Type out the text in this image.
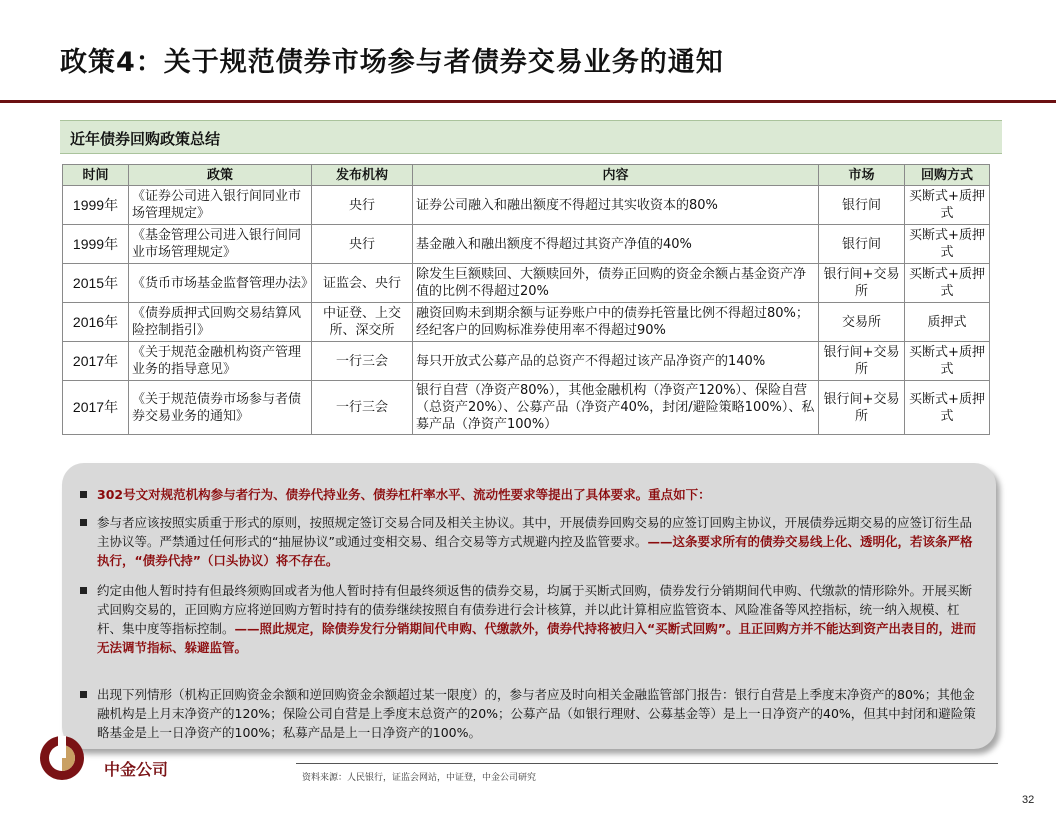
政策4：关于规范债券市场参与者债券交易业务的通知
近年债券回购政策总结
时间	政策	发布机构	内容	市场	回购方式
1999年	《证券公司进入银行间同业市场管理规定》	央行	证券公司融入和融出额度不得超过其实收资本的80%	银行间	买断式+质押式
1999年	《基金管理公司进入银行间同业市场管理规定》	央行	基金融入和融出额度不得超过其资产净值的40%	银行间	买断式+质押式
2015年	《货币市场基金监督管理办法》	证监会、央行	除发生巨额赎回、大额赎回外，债券正回购的资金余额占基金资产净值的比例不得超过20%	银行间+交易所	买断式+质押式
2016年	《债券质押式回购交易结算风险控制指引》	中证登、上交所、深交所	融资回购未到期余额与证券账户中的债券托管量比例不得超过80%；经纪客户的回购标准券使用率不得超过90%	交易所	质押式
2017年	《关于规范金融机构资产管理业务的指导意见》	一行三会	每只开放式公募产品的总资产不得超过该产品净资产的140%	银行间+交易所	买断式+质押式
2017年	《关于规范债券市场参与者债券交易业务的通知》	一行三会	银行自营（净资产80%），其他金融机构（净资产120%）、保险自营（总资产20%）、公募产品（净资产40%，封闭/避险策略100%）、私募产品（净资产100%）	银行间+交易所	买断式+质押式
302号文对规范机构参与者行为、债券代持业务、债券杠杆率水平、流动性要求等提出了具体要求。重点如下：
参与者应该按照实质重于形式的原则，按照规定签订交易合同及相关主协议。其中，开展债券回购交易的应签订回购主协议，开展债券远期交易的应签订衍生品主协议等。严禁通过任何形式的“抽屉协议”或通过变相交易、组合交易等方式规避内控及监管要求。——这条要求所有的债券交易线上化、透明化，若该条严格执行，“债券代持”（口头协议）将不存在。
约定由他人暂时持有但最终须购回或者为他人暂时持有但最终须返售的债券交易，均属于买断式回购，债券发行分销期间代申购、代缴款的情形除外。开展买断式回购交易的，正回购方应将逆回购方暂时持有的债券继续按照自有债券进行会计核算，并以此计算相应监管资本、风险准备等风控指标，统一纳入规模、杠杆、集中度等指标控制。——照此规定，除债券发行分销期间代申购、代缴款外，债券代持将被归入“买断式回购”。且正回购方并不能达到资产出表目的，进而无法调节指标、躲避监管。
出现下列情形（机构正回购资金余额和逆回购资金余额超过某一限度）的，参与者应及时向相关金融监管部门报告：银行自营是上季度末净资产的80%；其他金融机构是上月末净资产的120%；保险公司自营是上季度末总资产的20%；公募产品（如银行理财、公募基金等）是上一日净资产的40%，但其中封闭和避险策略基金是上一日净资产的100%；私募产品是上一日净资产的100%。
中金公司	资料来源：人民银行，证监会网站，中证登，中金公司研究
32
